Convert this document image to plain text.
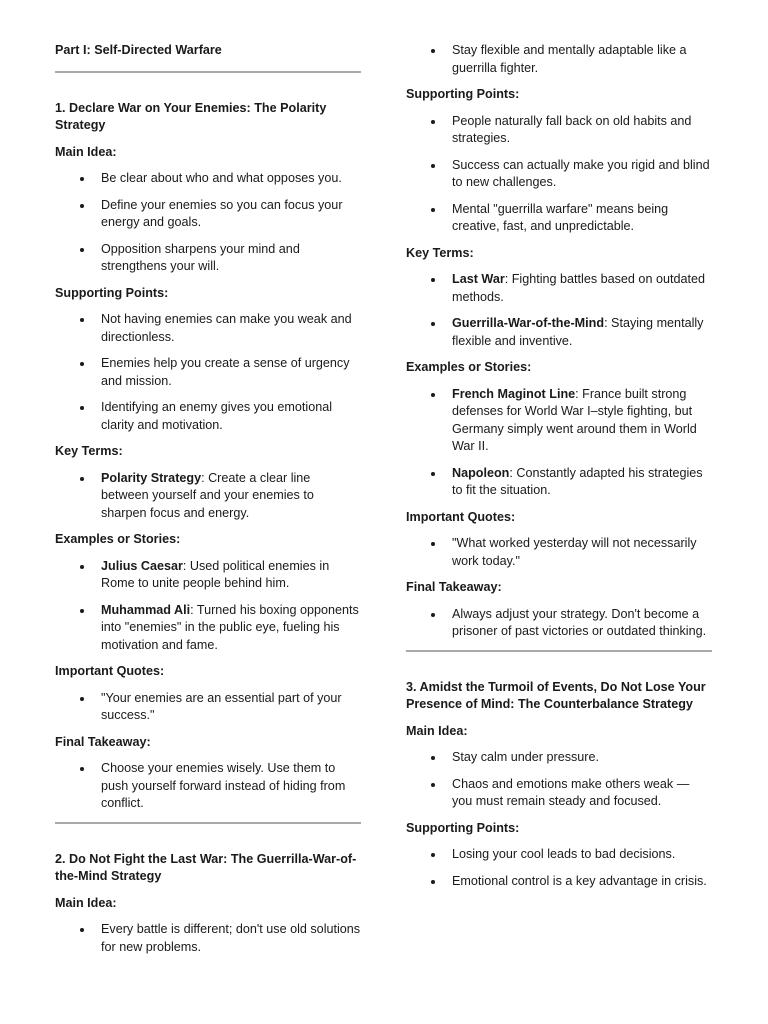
Part I: Self-Directed Warfare
1. Declare War on Your Enemies: The Polarity Strategy
Main Idea:
Be clear about who and what opposes you.
Define your enemies so you can focus your energy and goals.
Opposition sharpens your mind and strengthens your will.
Supporting Points:
Not having enemies can make you weak and directionless.
Enemies help you create a sense of urgency and mission.
Identifying an enemy gives you emotional clarity and motivation.
Key Terms:
Polarity Strategy: Create a clear line between yourself and your enemies to sharpen focus and energy.
Examples or Stories:
Julius Caesar: Used political enemies in Rome to unite people behind him.
Muhammad Ali: Turned his boxing opponents into "enemies" in the public eye, fueling his motivation and fame.
Important Quotes:
"Your enemies are an essential part of your success."
Final Takeaway:
Choose your enemies wisely. Use them to push yourself forward instead of hiding from conflict.
2. Do Not Fight the Last War: The Guerrilla-War-of-the-Mind Strategy
Main Idea:
Every battle is different; don't use old solutions for new problems.
Stay flexible and mentally adaptable like a guerrilla fighter.
Supporting Points:
People naturally fall back on old habits and strategies.
Success can actually make you rigid and blind to new challenges.
Mental "guerrilla warfare" means being creative, fast, and unpredictable.
Key Terms:
Last War: Fighting battles based on outdated methods.
Guerrilla-War-of-the-Mind: Staying mentally flexible and inventive.
Examples or Stories:
French Maginot Line: France built strong defenses for World War I–style fighting, but Germany simply went around them in World War II.
Napoleon: Constantly adapted his strategies to fit the situation.
Important Quotes:
"What worked yesterday will not necessarily work today."
Final Takeaway:
Always adjust your strategy. Don't become a prisoner of past victories or outdated thinking.
3. Amidst the Turmoil of Events, Do Not Lose Your Presence of Mind: The Counterbalance Strategy
Main Idea:
Stay calm under pressure.
Chaos and emotions make others weak — you must remain steady and focused.
Supporting Points:
Losing your cool leads to bad decisions.
Emotional control is a key advantage in crisis.
